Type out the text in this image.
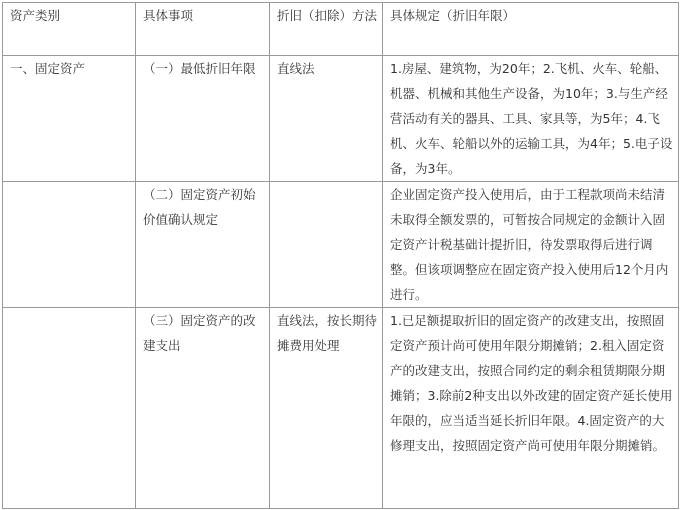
资产类别	具体事项	折旧（扣除）方法	具体规定（折旧年限）
一、固定资产	（一）最低折旧年限	直线法	1.房屋、建筑物，为20年；2.飞机、火车、轮船、机器、机械和其他生产设备，为10年；3.与生产经营活动有关的器具、工具、家具等，为5年；4.飞机、火车、轮船以外的运输工具，为4年；5.电子设备，为3年。
	（二）固定资产初始价值确认规定		企业固定资产投入使用后，由于工程款项尚未结清未取得全额发票的，可暂按合同规定的金额计入固定资产计税基础计提折旧，待发票取得后进行调整。但该项调整应在固定资产投入使用后12个月内进行。
	（三）固定资产的改建支出	直线法，按长期待摊费用处理	1.已足额提取折旧的固定资产的改建支出，按照固定资产预计尚可使用年限分期摊销；2.租入固定资产的改建支出，按照合同约定的剩余租赁期限分期摊销；3.除前2种支出以外改建的固定资产延长使用年限的，应当适当延长折旧年限。4.固定资产的大修理支出，按照固定资产尚可使用年限分期摊销。
